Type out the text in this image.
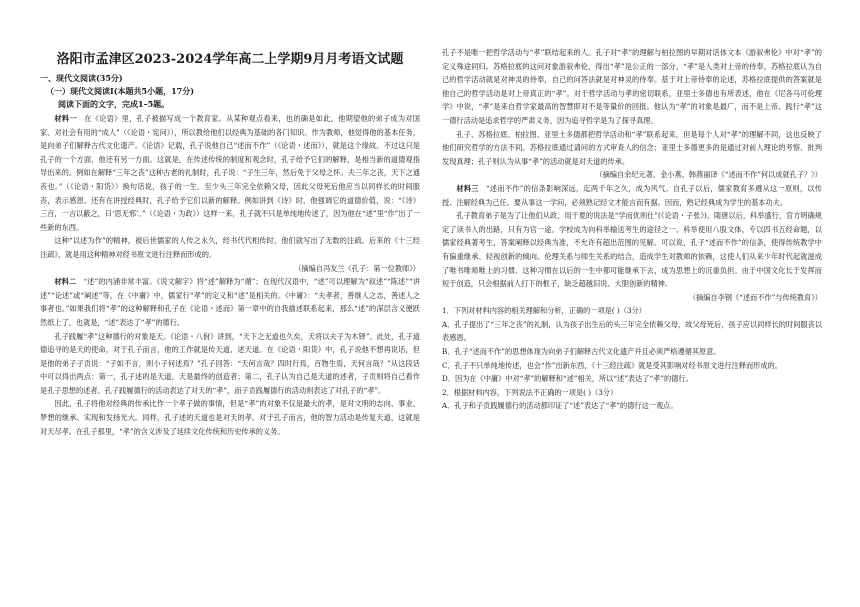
洛阳市孟津区2023-2024学年高二上学期9月月考语文试题
一、现代文阅读(35分)
（一）现代文阅读I(本题共5小题，17分)
阅读下面的文字，完成1–5题。

材料一  在《论语》里，孔子被描写成一个教育家。从某种观点看来，也的确是如此。他期望他的弟子成为对国家、对社会有用的“成人”（《论语・宪问》），所以教给他们以经典为基础的各门知识。作为教师，他觉得他的基本任务，是向弟子们解释古代文化遗产。《论语》记载，孔子说他自己“述而不作”（《论语・述而》），就是这个缘故。不过这只是孔子的一个方面，他还有另一方面。这就是，在传述传统的制度和观念时，孔子给予它们的解释，是相当新的道德观指导出来的。例如在解释“三年之丧”这种古老的礼制时，孔子说：“子生三年，然后免于父母之怀。夫三年之丧，天下之通丧也。”（《论语・阳货》）换句话说，孩子的一生，至少头三年完全依赖父母，因此父母死后他应当以同样长的时间服丧，表示感恩。还有在讲授经典时，孔子给予它们以新的解释。例如讲到《诗》时，他强调它的道德价值，说：“《诗》三百，一言以蔽之，曰‘思无邪’。”（《论语・为政》）这样一来，孔子就不只是单纯地传述了，因为他在“述”里“作”出了一些新的东西。

这种“以述为作”的精神，被后世儒家的人传之永久，经书代代相传时，他们就写出了无数的注疏。后来的《十三经注疏》，就是用这种精神对经书原文进行注释而形成的。

（摘编自冯友兰《孔子：第一位教师》）

材料二  “述”的内涵非常丰富。《说文解字》将“述”解释为“循”；在现代汉语中，“述”可以理解为“叙述”“陈述”“讲述”“论述”或“阐述”等。在《中庸》中，儒家行“孝”的定义和“述”是相关的。《中庸》：“夫孝者，善继人之志，善述人之事者也。”如果我们将“孝”的这种解释和孔子在《论语・述而》第一章中的自我描述联系起来，那么“述”的深层含义便跃然纸上了，也就是，“述”表达了“孝”的德行。

孔子践履“孝”这种德行的对象是天。《论语・八佾》讲到，“天下之无道也久矣，天将以夫子为木铎”。此处，孔子道德追寻的是天的使命，对于孔子而言，他的工作就是传天道、述天道。在《论语・阳货》中，孔子说他不想再说话，但是他的弟子子贡说：“子如不言，则小子何述焉？”孔子回答：“天何言哉？四时行焉，百物生焉，天何言哉？”从这段话中可以得出两点：第一，孔子述的是天道，天是最终的创造者；第二，孔子认为自己是天道的述者，子贡则将自己看作是孔子思想的述者。孔子践履德行的活动表达了对天的“孝”，而子贡践履德行的活动则表达了对孔子的“孝”。

因此，孔子将他对经典的传承比作一个孝子做的事情，但是“孝”的对象不仅是最大的孝，是对文明的志向、事业、梦想的继承、实现和发扬光大。同样，孔子述的天道也是对天的孝。对于孔子而言，他的智力活动是传复天道，这就是对天尽孝。在孔子那里，“孝”的含义涉及了延续文化传统和历史传承的义务。

孔子不是唯一把哲学活动与“孝”联结起来的人。孔子对“孝”的理解与柏拉图的早期对话体文本《游叙弗伦》中对“孝”的定义殊途同归。苏格拉底的这问对象游叙弗伦，得出“孝”是公正的一部分，“孝”是人类对上帝的侍奉，苏格拉底认为自己的哲学活动就是对神灵的侍奉，自己的问答法就是对神灵的侍奉。基于对上帝侍奉的论述，苏格拉底提供的答案就是他自己的哲学活动是对上帝真正的“孝”。对于哲学活动与孝的密切联系，亚里士多德也有所表述，他在《尼各马可伦理学》中说，“孝”是来自哲学家最高的智慧即对不是等量价的回报。他认为“孝”的对象是最广，而不是上帝。践行“孝”这一德行活动是追求哲学的严肃义务，因为追寻哲学是为了探寻真理。

孔子、苏格拉底、柏拉图、亚里士多德都把哲学活动和“孝”联系起来，但是每个人对“孝”的理解不同，这也反映了他们研究哲学的方法不同。苏格拉底通过请问的方式审查人的信念；亚里士多德更多的是通过对前人理论的考察、批判发现真理；孔子则认为从事“孝”的活动就是对天道的传承。

（摘编自余纪元著，金小燕、韩燕丽译《“述而不作”何以成就孔子？》）

材料三  “述而不作”的信条影响深远，迄两千年之久，成为风气。自孔子以后，儒家教育多遵从这一原则，以传授、注解经典为己任。要从事这一学问，必须熟记经文才能言而有据。因而，熟记经典成为学生的基本功夫。

孔子教育弟子是为了让他们从政，用于夏的说法是“学而优则仕”(《论语・子张》)。隋唐以后，科举盛行，官方明确规定了读书人的出路，只有为官一途。学校成为向科举输送考生的途径之一。科举使用八股文体，专以四书五经命题，以儒家经典著考生，答案阐释以经典为准，不允许有超出范围的见解。可以说，孔子“述而不作”的信条，使得传统教学中有偏重继承、轻视创新的倾向。伦理关系与师生关系的结合，造成学生对教师的依赖，这使人们从来少年时代起就滋成了唯书唯师唯上的习惯、这种习惯在以后的一生中都可能继承下去，成为思想上的沉重负担。由于中国文化长于发挥而短于创造，只会根据前人打下的框子，缺乏超越旧说、大胆创新的精神。

（摘编自李钢《“述而不作”与传统教育》）

1．下列对材料内容的相关理解和分析，正确的一项是( )（3分）

A．孔子提出了“三年之丧”的礼制，认为孩子出生后的头三年完全依赖父母，故父母死后，孩子应以同样长的时间服丧以表感恩。

B．孔子“述而不作”的思想体现为向弟子们解释古代文化遗产并且必须严格遵循其原意。

C．孔子不只单纯地传述，也会“作”出新东西，《十三经注疏》就是受其影响对经书原文进行注释而形成的。

D．因为在《中庸》中对“孝”的解释和“述”相关，所以“述”表达了“孝”的德行。

2．根据材料内容，下列说法不正确的一项是( )（3分）

A．孔子和子贡践履德行的活动都印证了“述”表达了“孝”的德行这一观点。
